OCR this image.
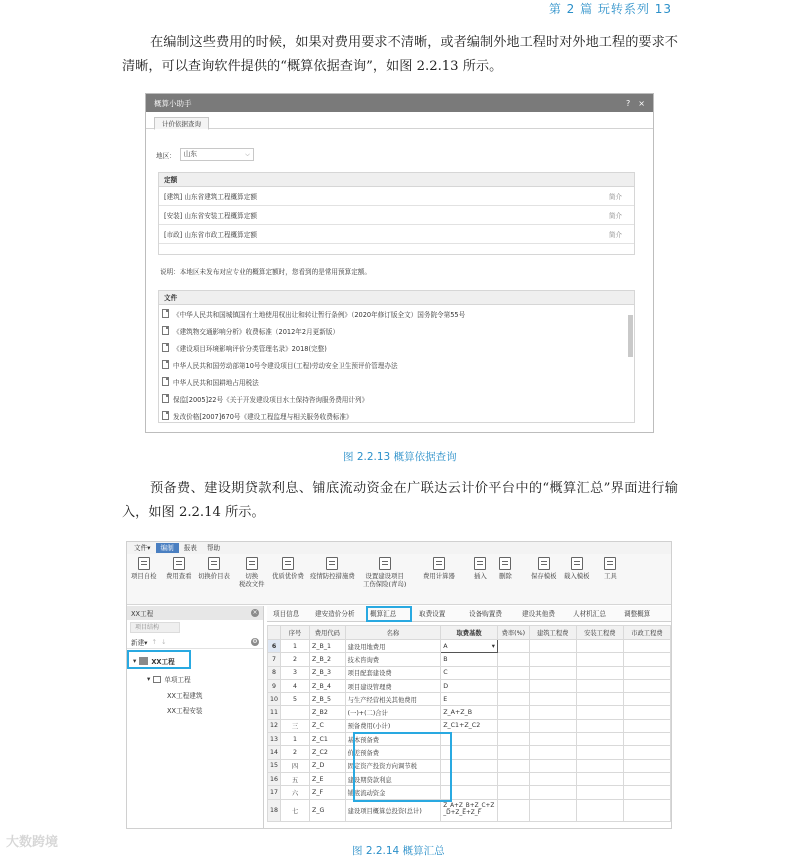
第 2 篇 玩转系列 13

在编制这些费用的时候，如果对费用要求不清晰，或者编制外地工程时对外地工程的要求不清晰，可以查询软件提供的“概算依据查询”，如图 2.2.13 所示。

概算小助手	? ×
计价依据查询
地区：	山东	⌵
定额
[建筑] 山东省建筑工程概算定额	简介
[安装] 山东省安装工程概算定额	简介
[市政] 山东省市政工程概算定额	简介
说明：本地区未发布对应专业的概算定额时，您看到的是常用预算定额。
文件
《中华人民共和国城镇国有土地使用权出让和转让暂行条例》（2020年修订版全文）国务院令第55号
《建筑物交通影响分析》收费标准（2012年2月更新版）
《建设项目环境影响评价分类管理名录》2018(完整)
中华人民共和国劳动部第10号令建设项目(工程)劳动安全卫生预评价管理办法
中华人民共和国耕地占用税法
保监[2005]22号《关于开发建设项目水土保持咨询服务费用计列》
发改价格[2007]670号《建设工程监理与相关服务收费标准》
图 2.2.13 概算依据查询

预备费、建设期贷款利息、铺底流动资金在广联达云计价平台中的“概算汇总”界面进行输入，如图 2.2.14 所示。

文件▾	编制	报表	帮助
项目自检 费用查看 切换价目表	切换
税改文件
优质优价费 疫情防控措施费	设置建设项目
工伤保险(青岛)
费用计算器	插入 删除	保存模板 载入模板 工具
XX工程	×
项目结构
新建▾ ↑ ↓	⚙
▾ XX工程
▾ 单项工程
XX工程建筑
XX工程安装
项目信息 建安造价分析 概算汇总	取费设置	设备购置费	建设其他费	人材机汇总	调整概算
	序号	费用代码	名称	取费基数	费率(%)	建筑工程费	安装工程费	市政工程费
6	1	Z_B_1	建设用地费用	A ▾				

7	2	Z_B_2	技术咨询费	B				
8	3	Z_B_3	项目配套建设费	C				
9	4	Z_B_4	项目建设管理费	D				
10	5	Z_B_5	与生产经营相关其他费用	E				
11		Z_B2	(一)+(二)合计	Z_A+Z_B				
12	三	Z_C	预备费用(小计)	Z_C1+Z_C2				
13	1	Z_C1	基本预备费					
14	2	Z_C2	价差预备费					
15	四	Z_D	固定资产投资方向调节税					
16	五	Z_E	建设期贷款利息					
17	六	Z_F	铺底流动资金					
18	七	Z_G	建设项目概算总投资(总计)	Z_A+Z_B+Z_C+Z_D+Z_E+Z_F				
图 2.2.14 概算汇总
大数跨境
